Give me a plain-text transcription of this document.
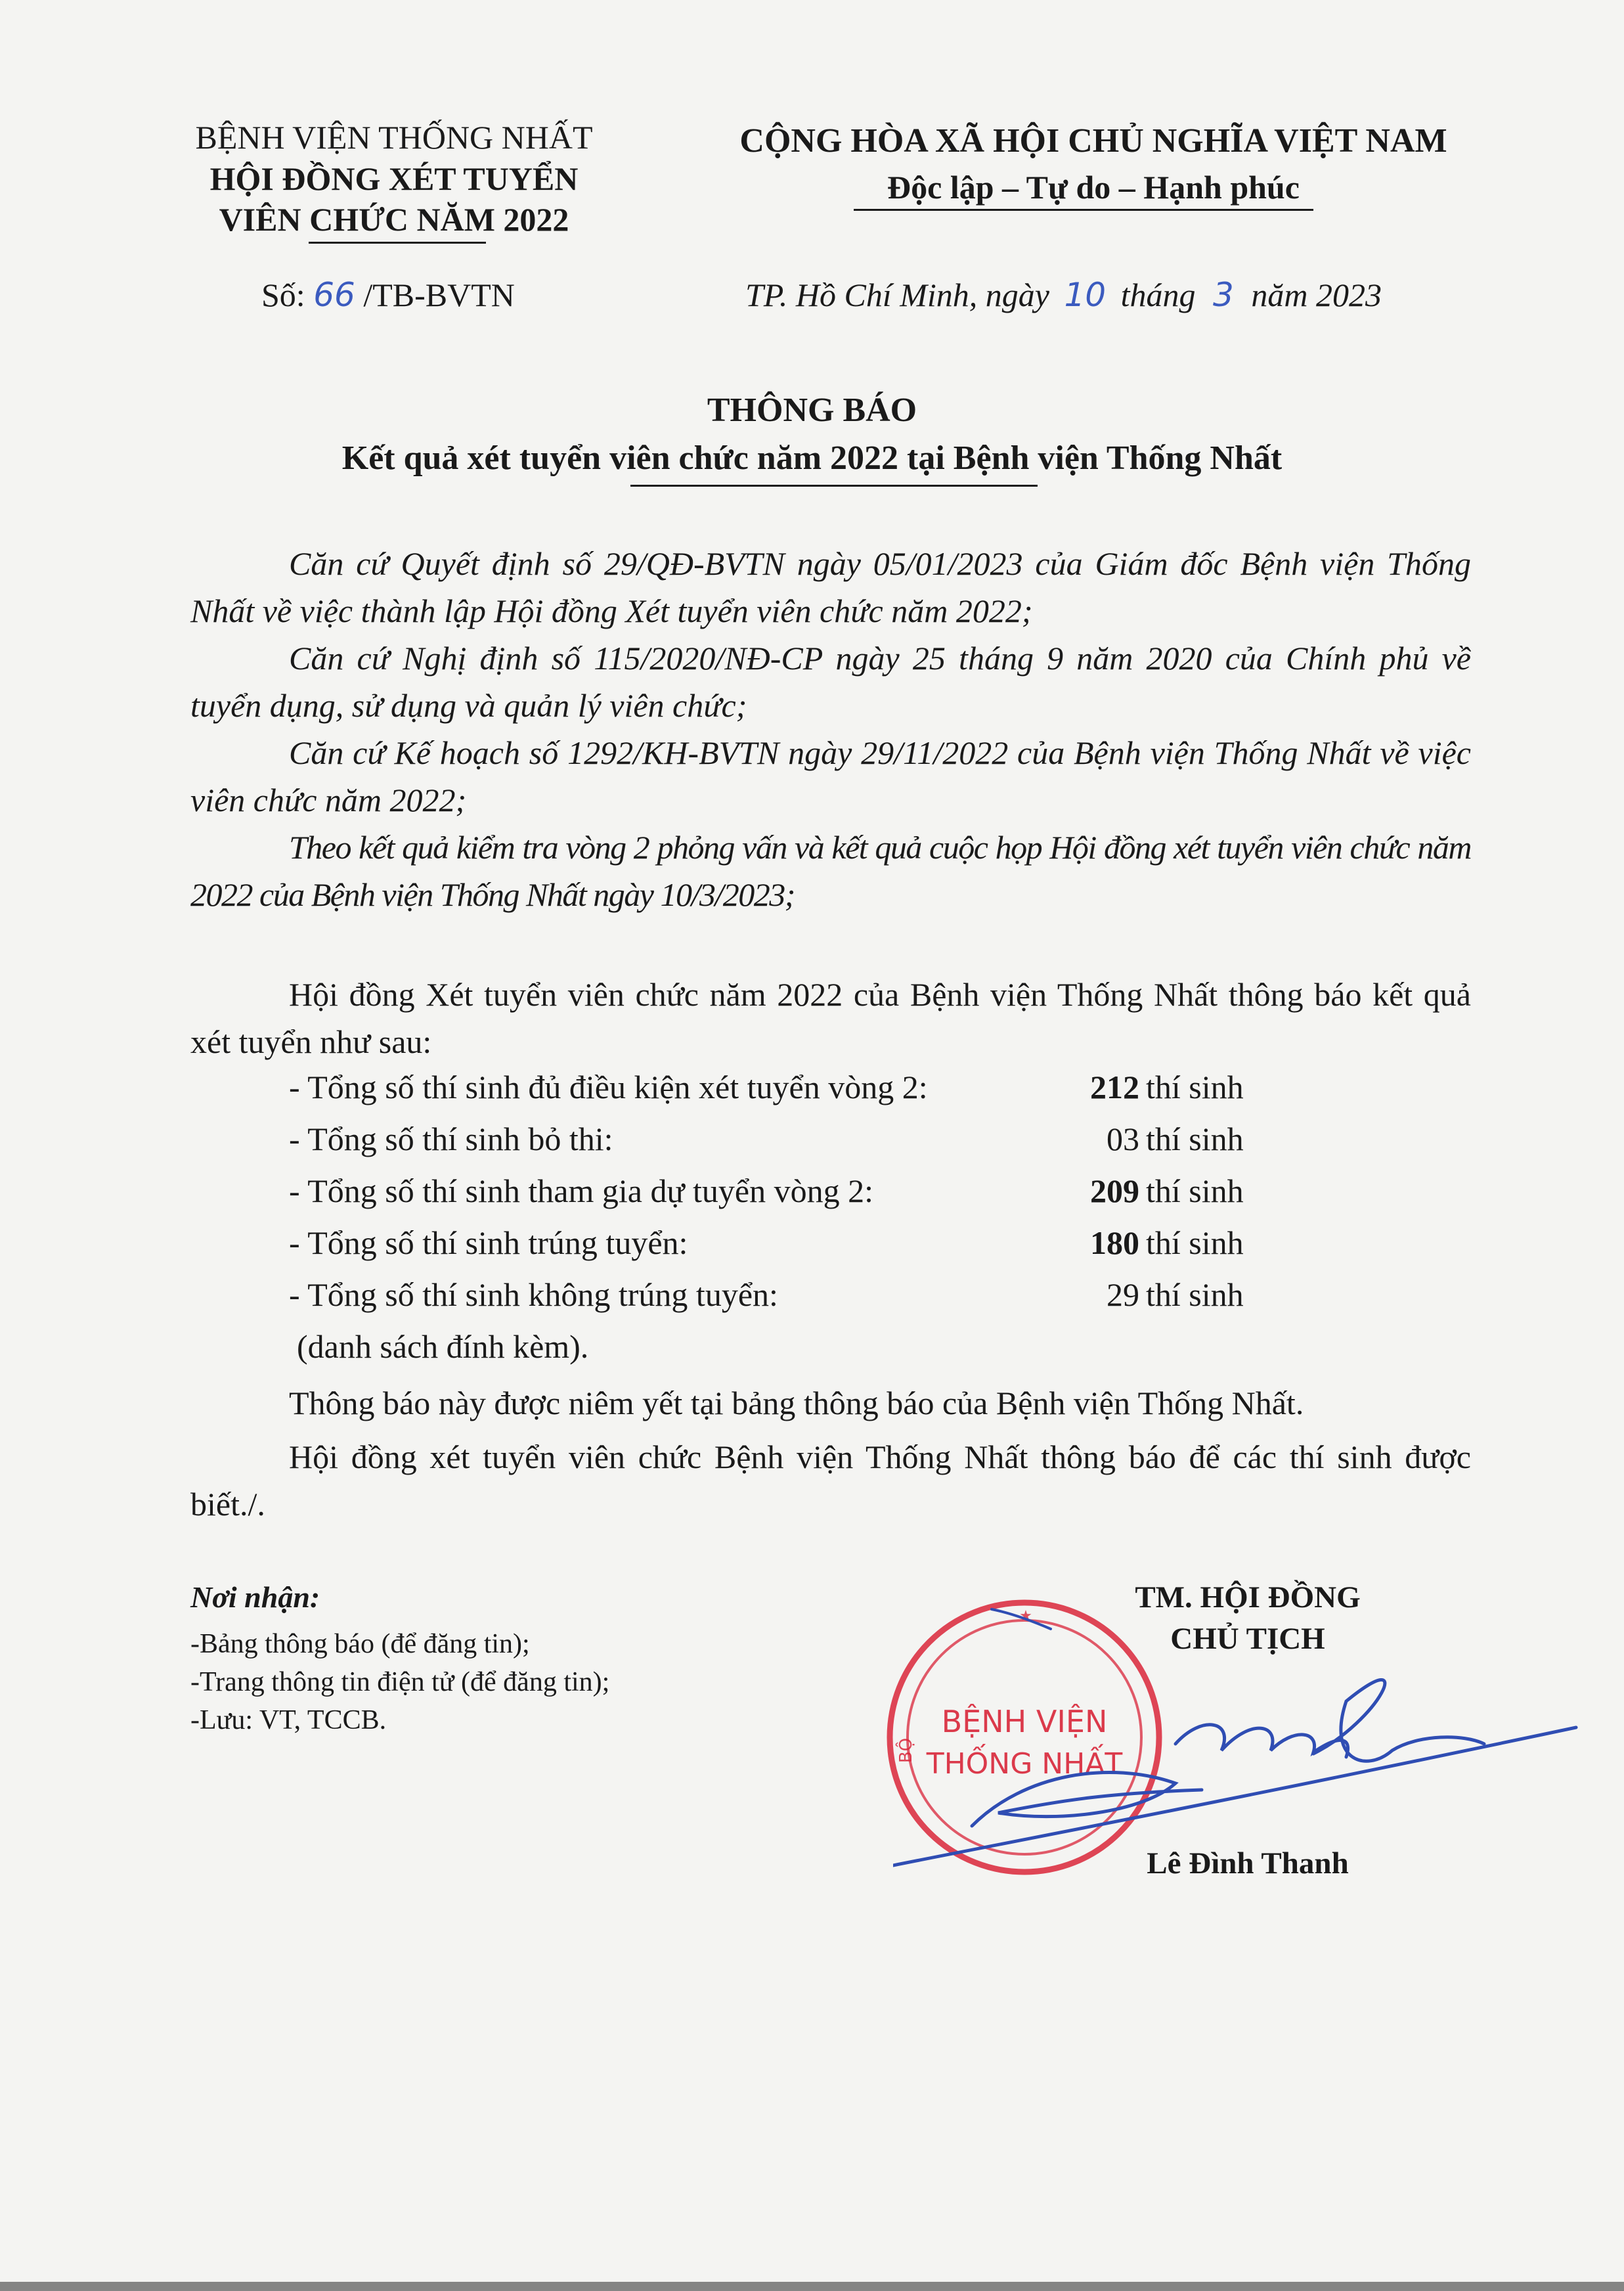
BỆNH VIỆN THỐNG NHẤT
HỘI ĐỒNG XÉT TUYỂN
VIÊN CHỨC NĂM 2022
Số: 66 /TB-BVTN
CỘNG HÒA XÃ HỘI CHỦ NGHĨA VIỆT NAM
Độc lập – Tự do – Hạnh phúc
TP. Hồ Chí Minh, ngày 10 tháng 3 năm 2023
THÔNG BÁO
Kết quả xét tuyển viên chức năm 2022 tại Bệnh viện Thống Nhất
Căn cứ Quyết định số 29/QĐ-BVTN ngày 05/01/2023 của Giám đốc Bệnh viện Thống Nhất về việc thành lập Hội đồng Xét tuyển viên chức năm 2022;
Căn cứ Nghị định số 115/2020/NĐ-CP ngày 25 tháng 9 năm 2020 của Chính phủ về tuyển dụng, sử dụng và quản lý viên chức;
Căn cứ Kế hoạch số 1292/KH-BVTN ngày 29/11/2022 của Bệnh viện Thống Nhất về việc viên chức năm 2022;
Theo kết quả kiểm tra vòng 2 phỏng vấn và kết quả cuộc họp Hội đồng xét tuyển viên chức năm 2022 của Bệnh viện Thống Nhất ngày 10/3/2023;
Hội đồng Xét tuyển viên chức năm 2022 của Bệnh viện Thống Nhất thông báo kết quả xét tuyển như sau:
- Tổng số thí sinh đủ điều kiện xét tuyển vòng 2:	212 thí sinh
- Tổng số thí sinh bỏ thi:	03 thí sinh
- Tổng số thí sinh tham gia dự tuyển vòng 2:	209 thí sinh
- Tổng số thí sinh trúng tuyển:	180 thí sinh
- Tổng số thí sinh không trúng tuyển:	29 thí sinh
(danh sách đính kèm).
Thông báo này được niêm yết tại bảng thông báo của Bệnh viện Thống Nhất.
Hội đồng xét tuyển viên chức Bệnh viện Thống Nhất thông báo để các thí sinh được biết./.
Nơi nhận:
-Bảng thông báo (để đăng tin);
-Trang thông tin điện tử (để đăng tin);
-Lưu: VT, TCCB.
TM. HỘI ĐỒNG
CHỦ TỊCH
BỆNH VIỆN
THỐNG NHẤT
BỘ
★
Lê Đình Thanh
